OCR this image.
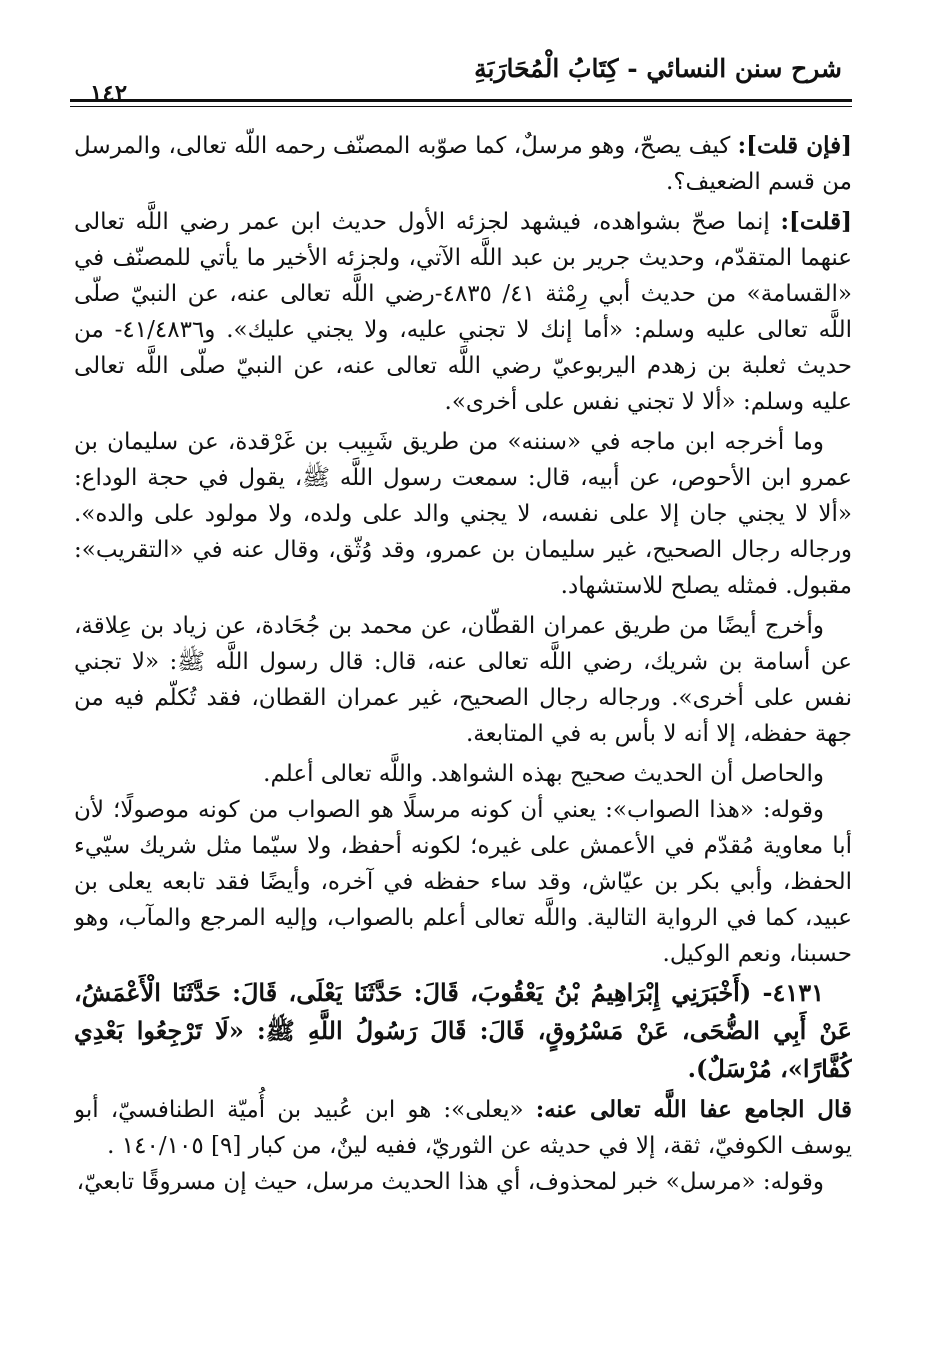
شرح سنن النسائي - كِتَابُ الْمُحَارَبَةِ
١٤٢

[فإن قلت]: كيف يصحّ، وهو مرسلٌ، كما صوّبه المصنّف رحمه اللَّه تعالى، والمرسل من قسم الضعيف؟.

[قلت]: إنما صحّ بشواهده، فيشهد لجزئه الأول حديث ابن عمر رضي اللَّه تعالى عنهما المتقدّم، وحديث جرير بن عبد اللَّه الآتي، ولجزئه الأخير ما يأتي للمصنّف في «القسامة» من حديث أبي رِمْثة ٤١/ ٤٨٣٥-رضي اللَّه تعالى عنه، عن النبيّ صلّى اللَّه تعالى عليه وسلم: «أما إنك لا تجني عليه، ولا يجني عليك». و٤١/٤٨٣٦- من حديث ثعلبة بن زهدم اليربوعيّ رضي اللَّه تعالى عنه، عن النبيّ صلّى اللَّه تعالى عليه وسلم: «ألا لا تجني نفس على أخرى».

وما أخرجه ابن ماجه في «سننه» من طريق شَبِيب بن غَرْقدة، عن سليمان بن عمرو ابن الأحوص، عن أبيه، قال: سمعت رسول اللَّه ﷺ، يقول في حجة الوداع: «ألا لا يجني جان إلا على نفسه، لا يجني والد على ولده، ولا مولود على والده». ورجاله رجال الصحيح، غير سليمان بن عمرو، وقد وُثّق، وقال عنه في «التقريب»: مقبول. فمثله يصلح للاستشهاد.

وأخرج أيضًا من طريق عمران القطّان، عن محمد بن جُحَادة، عن زياد بن عِلاقة، عن أسامة بن شريك، رضي اللَّه تعالى عنه، قال: قال رسول اللَّه ﷺ: «لا تجني نفس على أخرى». ورجاله رجال الصحيح، غير عمران القطان، فقد تُكلّم فيه من جهة حفظه، إلا أنه لا بأس به في المتابعة.

والحاصل أن الحديث صحيح بهذه الشواهد. واللَّه تعالى أعلم.

وقوله: «هذا الصواب»: يعني أن كونه مرسلًا هو الصواب من كونه موصولًا؛ لأن أبا معاوية مُقدّم في الأعمش على غيره؛ لكونه أحفظ، ولا سيّما مثل شريك سيّيء الحفظ، وأبي بكر بن عيّاش، وقد ساء حفظه في آخره، وأيضًا فقد تابعه يعلى بن عبيد، كما في الرواية التالية. واللَّه تعالى أعلم بالصواب، وإليه المرجع والمآب، وهو حسبنا، ونعم الوكيل.

٤١٣١- (أَخْبَرَنِي إِبْرَاهِيمُ بْنُ يَعْقُوبَ، قَالَ: حَدَّثَنَا يَعْلَى، قَالَ: حَدَّثَنَا الْأَعْمَشُ، عَنْ أَبِي الضُّحَى، عَنْ مَسْرُوقٍ، قَالَ: قَالَ رَسُولُ اللَّهِ ﷺ: «لَا تَرْجِعُوا بَعْدِي كُفَّارًا»، مُرْسَلٌ).

قال الجامع عفا اللَّه تعالى عنه: «يعلى»: هو ابن عُبيد بن أُميّة الطنافسيّ، أبو يوسف الكوفيّ، ثقة، إلا في حديثه عن الثوريّ، ففيه لينٌ، من كبار [٩] ١٤٠/١٠٥ .

وقوله: «مرسل» خبر لمحذوف، أي هذا الحديث مرسل، حيث إن مسروقًا تابعيّ،
